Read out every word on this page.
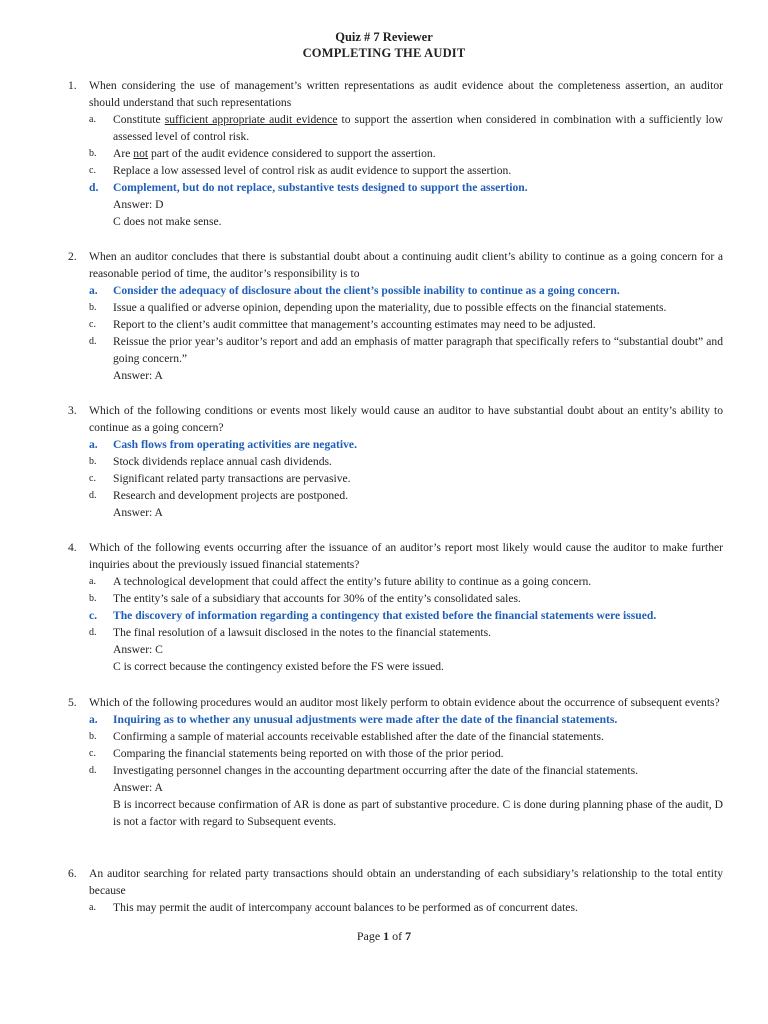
Quiz # 7 Reviewer
COMPLETING THE AUDIT
1.	When considering the use of management’s written representations as audit evidence about the completeness assertion, an auditor should understand that such representations
a.	Constitute sufficient appropriate audit evidence to support the assertion when considered in combination with a sufficiently low assessed level of control risk.
b.	Are not part of the audit evidence considered to support the assertion.
c.	Replace a low assessed level of control risk as audit evidence to support the assertion.
d.	Complement, but do not replace, substantive tests designed to support the assertion.
Answer: D
C does not make sense.
2.	When an auditor concludes that there is substantial doubt about a continuing audit client’s ability to continue as a going concern for a reasonable period of time, the auditor’s responsibility is to
a.	Consider the adequacy of disclosure about the client’s possible inability to continue as a going concern.
b.	Issue a qualified or adverse opinion, depending upon the materiality, due to possible effects on the financial statements.
c.	Report to the client’s audit committee that management’s accounting estimates may need to be adjusted.
d.	Reissue the prior year’s auditor’s report and add an emphasis of matter paragraph that specifically refers to “substantial doubt” and going concern.”
Answer: A
3.	Which of the following conditions or events most likely would cause an auditor to have substantial doubt about an entity’s ability to continue as a going concern?
a.	Cash flows from operating activities are negative.
b.	Stock dividends replace annual cash dividends.
c.	Significant related party transactions are pervasive.
d.	Research and development projects are postponed.
Answer: A
4.	Which of the following events occurring after the issuance of an auditor’s report most likely would cause the auditor to make further inquiries about the previously issued financial statements?
a.	A technological development that could affect the entity’s future ability to continue as a going concern.
b.	The entity’s sale of a subsidiary that accounts for 30% of the entity’s consolidated sales.
c.	The discovery of information regarding a contingency that existed before the financial statements were issued.
d.	The final resolution of a lawsuit disclosed in the notes to the financial statements.
Answer: C
C is correct because the contingency existed before the FS were issued.
5.	Which of the following procedures would an auditor most likely perform to obtain evidence about the occurrence of subsequent events?
a.	Inquiring as to whether any unusual adjustments were made after the date of the financial statements.
b.	Confirming a sample of material accounts receivable established after the date of the financial statements.
c.	Comparing the financial statements being reported on with those of the prior period.
d.	Investigating personnel changes in the accounting department occurring after the date of the financial statements.
Answer: A
B is incorrect because confirmation of AR is done as part of substantive procedure. C is done during planning phase of the audit, D is not a factor with regard to Subsequent events.
6.	An auditor searching for related party transactions should obtain an understanding of each subsidiary’s relationship to the total entity because
a.	This may permit the audit of intercompany account balances to be performed as of concurrent dates.
Page 1 of 7
